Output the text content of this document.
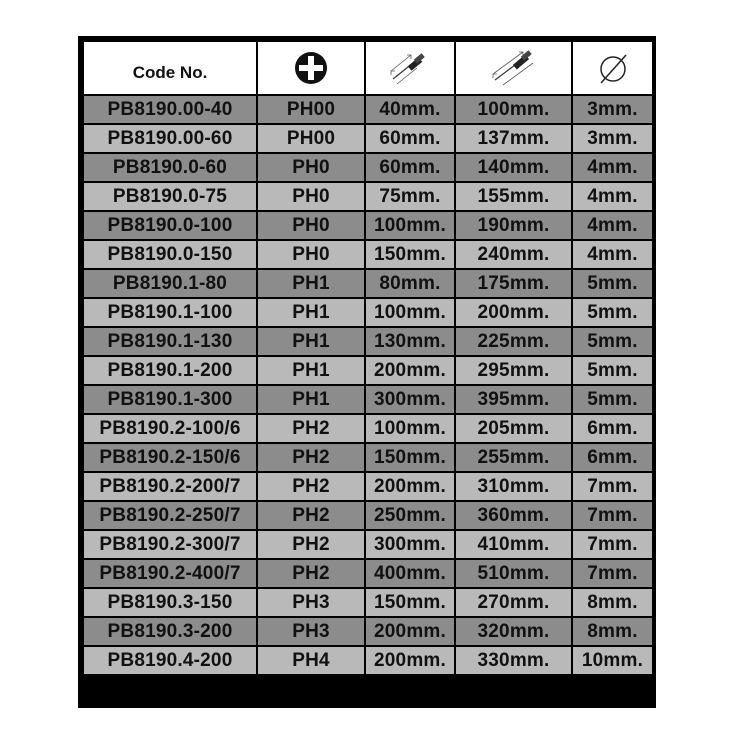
Code No.	

PB8190.00-40	PH00	40mm.	100mm.	3mm.
PB8190.00-60	PH00	60mm.	137mm.	3mm.
PB8190.0-60	PH0	60mm.	140mm.	4mm.
PB8190.0-75	PH0	75mm.	155mm.	4mm.
PB8190.0-100	PH0	100mm.	190mm.	4mm.
PB8190.0-150	PH0	150mm.	240mm.	4mm.
PB8190.1-80	PH1	80mm.	175mm.	5mm.
PB8190.1-100	PH1	100mm.	200mm.	5mm.
PB8190.1-130	PH1	130mm.	225mm.	5mm.
PB8190.1-200	PH1	200mm.	295mm.	5mm.
PB8190.1-300	PH1	300mm.	395mm.	5mm.
PB8190.2-100/6	PH2	100mm.	205mm.	6mm.
PB8190.2-150/6	PH2	150mm.	255mm.	6mm.
PB8190.2-200/7	PH2	200mm.	310mm.	7mm.
PB8190.2-250/7	PH2	250mm.	360mm.	7mm.
PB8190.2-300/7	PH2	300mm.	410mm.	7mm.
PB8190.2-400/7	PH2	400mm.	510mm.	7mm.
PB8190.3-150	PH3	150mm.	270mm.	8mm.
PB8190.3-200	PH3	200mm.	320mm.	8mm.
PB8190.4-200	PH4	200mm.	330mm.	10mm.
